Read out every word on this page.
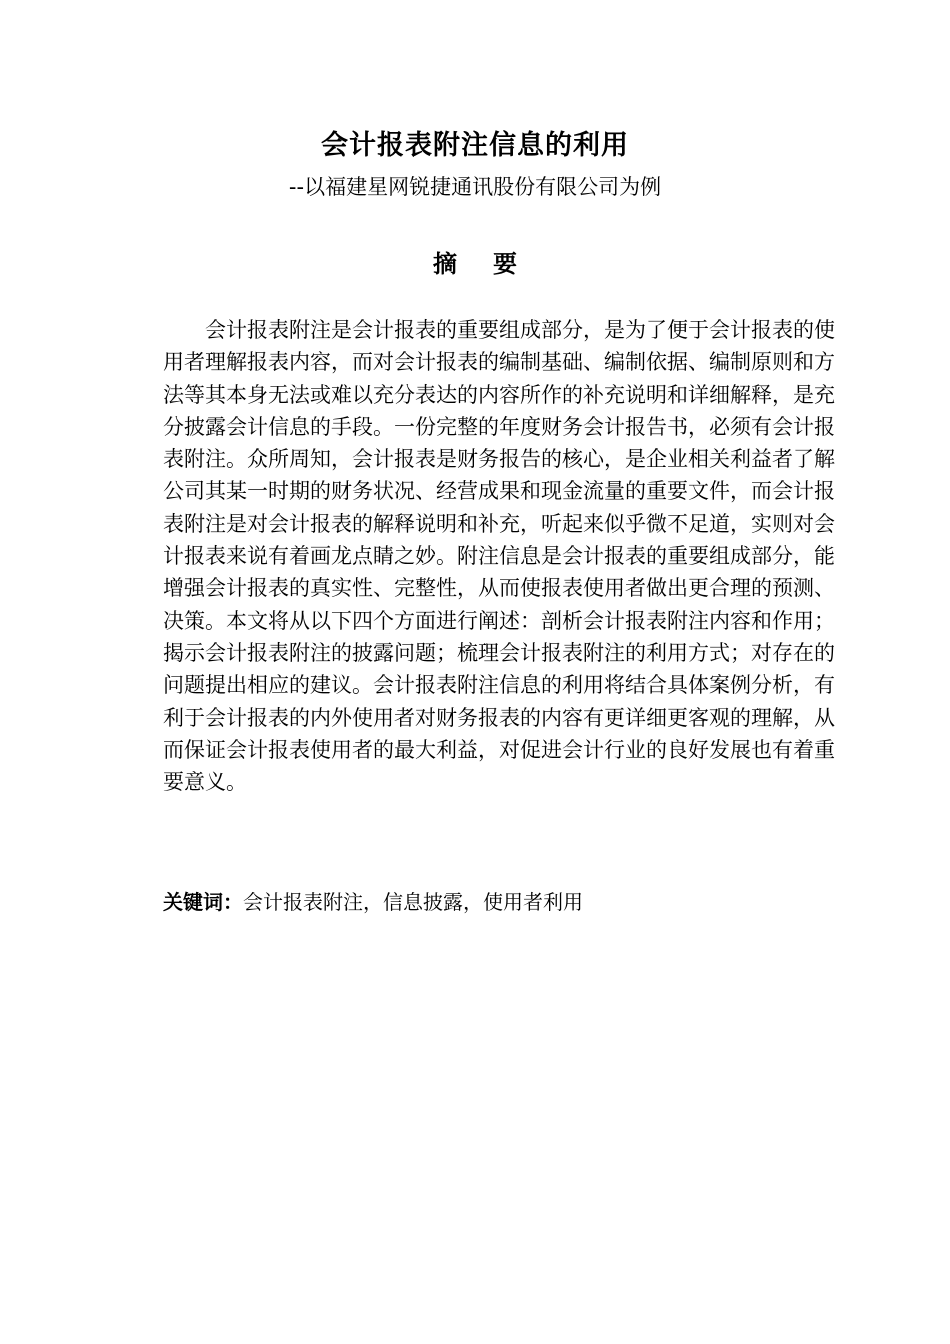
会计报表附注信息的利用
--以福建星网锐捷通讯股份有限公司为例
摘要

会计报表附注是会计报表的重要组成部分，是为了便于会计报表的使用者理解报表内容，而对会计报表的编制基础、编制依据、编制原则和方法等其本身无法或难以充分表达的内容所作的补充说明和详细解释，是充分披露会计信息的手段。一份完整的年度财务会计报告书，必须有会计报表附注。众所周知，会计报表是财务报告的核心，是企业相关利益者了解公司其某一时期的财务状况、经营成果和现金流量的重要文件，而会计报表附注是对会计报表的解释说明和补充，听起来似乎微不足道，实则对会计报表来说有着画龙点睛之妙。附注信息是会计报表的重要组成部分，能增强会计报表的真实性、完整性，从而使报表使用者做出更合理的预测、决策。本文将从以下四个方面进行阐述：剖析会计报表附注内容和作用；揭示会计报表附注的披露问题；梳理会计报表附注的利用方式；对存在的问题提出相应的建议。会计报表附注信息的利用将结合具体案例分析，有利于会计报表的内外使用者对财务报表的内容有更详细更客观的理解，从而保证会计报表使用者的最大利益，对促进会计行业的良好发展也有着重要意义。

关键词：会计报表附注，信息披露，使用者利用
